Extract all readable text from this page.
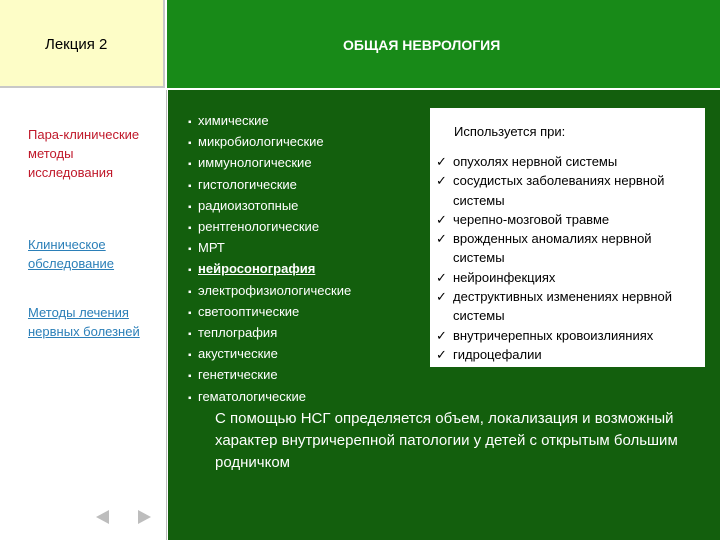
Лекция 2	ОБЩАЯ НЕВРОЛОГИЯ
Пара-клинические методы исследования
Клиническое обследование
Методы лечения нервных болезней
▪ химические
▪ микробиологические
▪ иммунологические
▪ гистологические
▪ радиоизотопные
▪ рентгенологические
▪ МРТ
▪ нейросонография
▪ электрофизиологические
▪ светооптические
▪ теплография
▪ акустические
▪ генетические
▪ гематологические
Используется при:
✓ опухолях нервной системы
✓ сосудистых заболеваниях нервной системы
✓ черепно-мозговой травме
✓ врожденных аномалиях нервной системы
✓ нейроинфекциях
✓ деструктивных изменениях нервной системы
✓ внутричерепных кровоизлияниях
✓ гидроцефалии
С помощью НСГ определяется объем, локализация и возможный характер внутричерепной патологии у детей с открытым большим родничком
